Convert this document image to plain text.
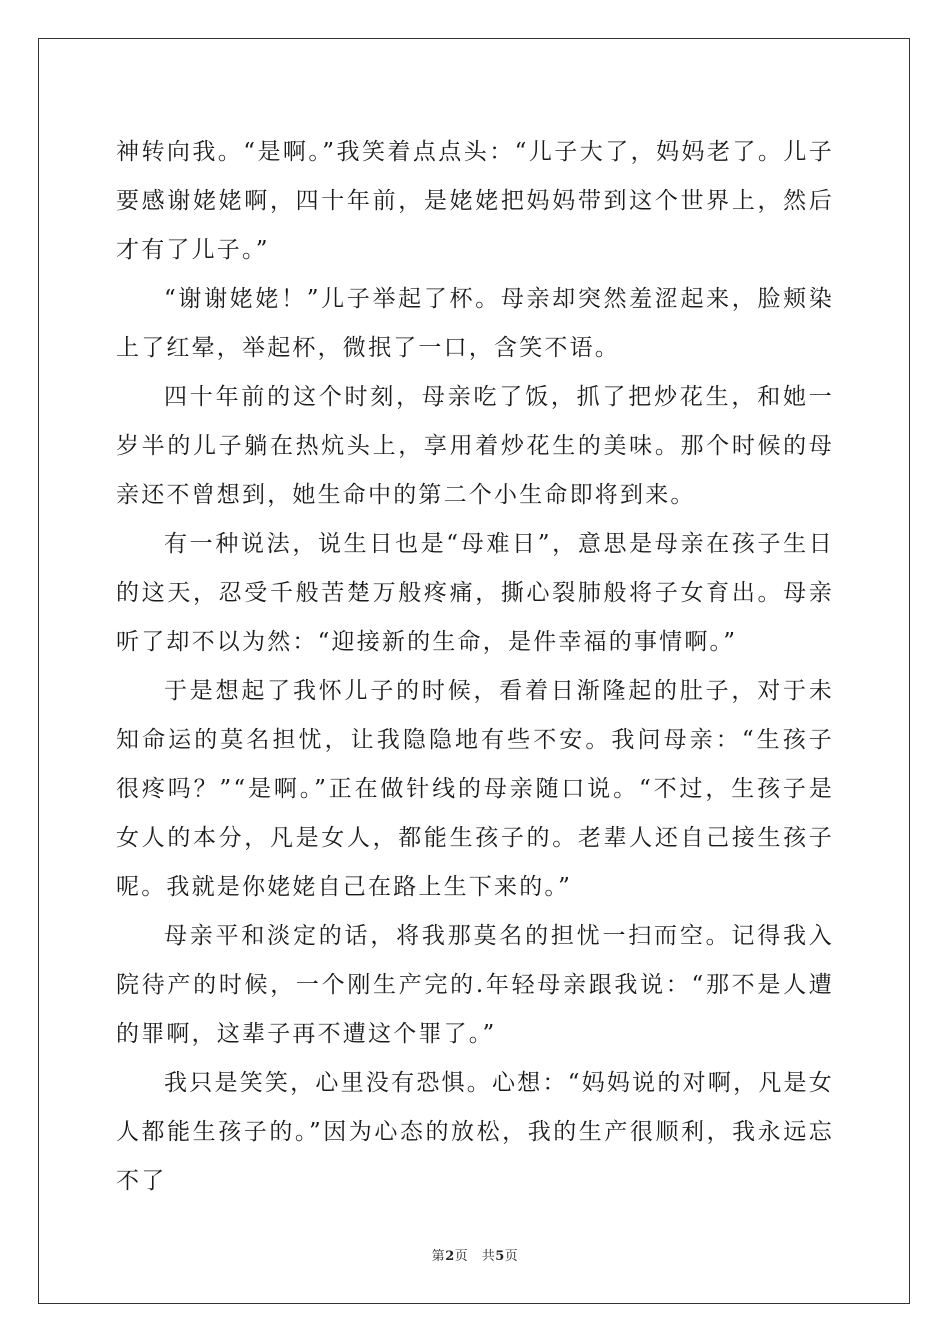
神转向我。“是啊。”我笑着点点头：“儿子大了，妈妈老了。儿子要感谢姥姥啊，四十年前，是姥姥把妈妈带到这个世界上，然后才有了儿子。”

“谢谢姥姥！”儿子举起了杯。母亲却突然羞涩起来，脸颊染上了红晕，举起杯，微抿了一口，含笑不语。

四十年前的这个时刻，母亲吃了饭，抓了把炒花生，和她一岁半的儿子躺在热炕头上，享用着炒花生的美味。那个时候的母亲还不曾想到，她生命中的第二个小生命即将到来。

有一种说法，说生日也是“母难日”，意思是母亲在孩子生日的这天，忍受千般苦楚万般疼痛，撕心裂肺般将子女育出。母亲听了却不以为然：“迎接新的生命，是件幸福的事情啊。”

于是想起了我怀儿子的时候，看着日渐隆起的肚子，对于未知命运的莫名担忧，让我隐隐地有些不安。我问母亲：“生孩子很疼吗？”“是啊。”正在做针线的母亲随口说。“不过，生孩子是女人的本分，凡是女人，都能生孩子的。老辈人还自己接生孩子呢。我就是你姥姥自己在路上生下来的。”

母亲平和淡定的话，将我那莫名的担忧一扫而空。记得我入院待产的时候，一个刚生产完的.年轻母亲跟我说：“那不是人遭的罪啊，这辈子再不遭这个罪了。”

我只是笑笑，心里没有恐惧。心想：“妈妈说的对啊，凡是女人都能生孩子的。”因为心态的放松，我的生产很顺利，我永远忘不了

第2页　共5页
